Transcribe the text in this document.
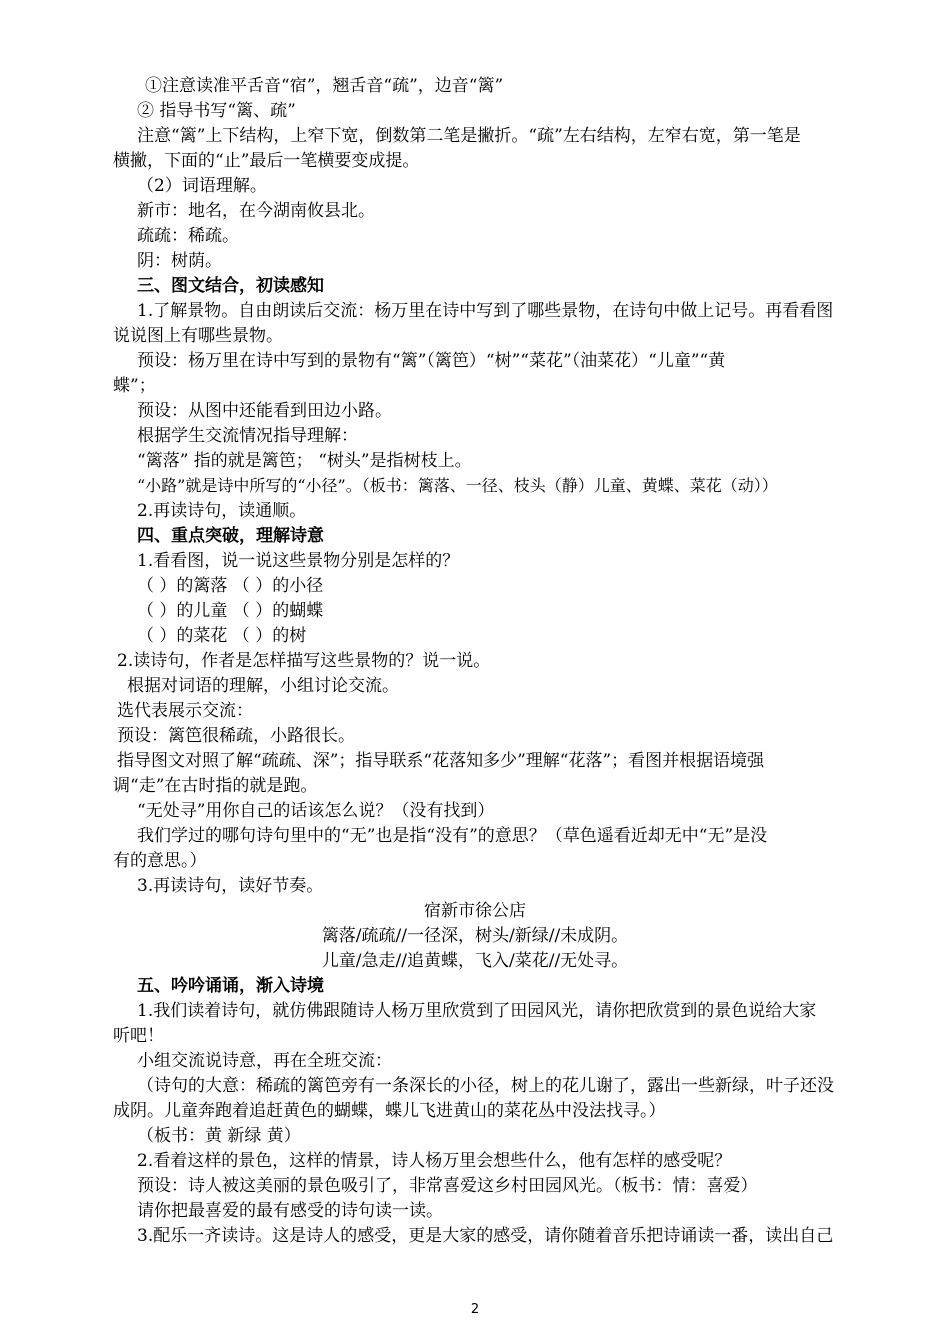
①注意读准平舌音“宿”，翘舌音“疏”，边音“篱”

② 指导书写“篱、疏”

注意“篱”上下结构，上窄下宽，倒数第二笔是撇折。“疏”左右结构，左窄右宽，第一笔是

横撇，下面的“止”最后一笔横要变成提。

（2）词语理解。

新市：地名，在今湖南攸县北。

疏疏：稀疏。

阴：树荫。

三、图文结合，初读感知

1.了解景物。自由朗读后交流：杨万里在诗中写到了哪些景物，在诗句中做上记号。再看看图

说说图上有哪些景物。

预设：杨万里在诗中写到的景物有“篱”（篱笆）“树”“菜花”（油菜花）“儿童”“黄

蝶”；

预设：从图中还能看到田边小路。

根据学生交流情况指导理解：

“篱落” 指的就是篱笆； “树头”是指树枝上。

“小路”就是诗中所写的“小径”。（板书：篱落、一径、枝头（静）儿童、黄蝶、菜花（动））

2.再读诗句，读通顺。

四、重点突破，理解诗意

1.看看图，说一说这些景物分别是怎样的？

（ ）的篱落 （ ）的小径

（ ）的儿童 （ ）的蝴蝶

（ ）的菜花 （ ）的树

2.读诗句，作者是怎样描写这些景物的？说一说。

根据对词语的理解，小组讨论交流。

选代表展示交流：

预设：篱笆很稀疏，小路很长。

指导图文对照了解“疏疏、深”；指导联系“花落知多少”理解“花落”；看图并根据语境强

调“走”在古时指的就是跑。

“无处寻”用你自己的话该怎么说？（没有找到）

我们学过的哪句诗句里中的“无”也是指“没有”的意思？（草色遥看近却无中“无”是没

有的意思。）

3.再读诗句，读好节奏。

宿新市徐公店

篱落/疏疏//一径深，树头/新绿//未成阴。

儿童/急走//追黄蝶，飞入/菜花//无处寻。

五、吟吟诵诵，渐入诗境

1.我们读着诗句，就仿佛跟随诗人杨万里欣赏到了田园风光，请你把欣赏到的景色说给大家

听吧！

小组交流说诗意，再在全班交流：

（诗句的大意：稀疏的篱笆旁有一条深长的小径，树上的花儿谢了，露出一些新绿，叶子还没

成阴。儿童奔跑着追赶黄色的蝴蝶，蝶儿飞进黄山的菜花丛中没法找寻。）

（板书：黄 新绿 黄）

2.看着这样的景色，这样的情景，诗人杨万里会想些什么，他有怎样的感受呢？

预设：诗人被这美丽的景色吸引了，非常喜爱这乡村田园风光。（板书：情：喜爱）

请你把最喜爱的最有感受的诗句读一读。

3.配乐一齐读诗。这是诗人的感受，更是大家的感受，请你随着音乐把诗诵读一番，读出自己

2
